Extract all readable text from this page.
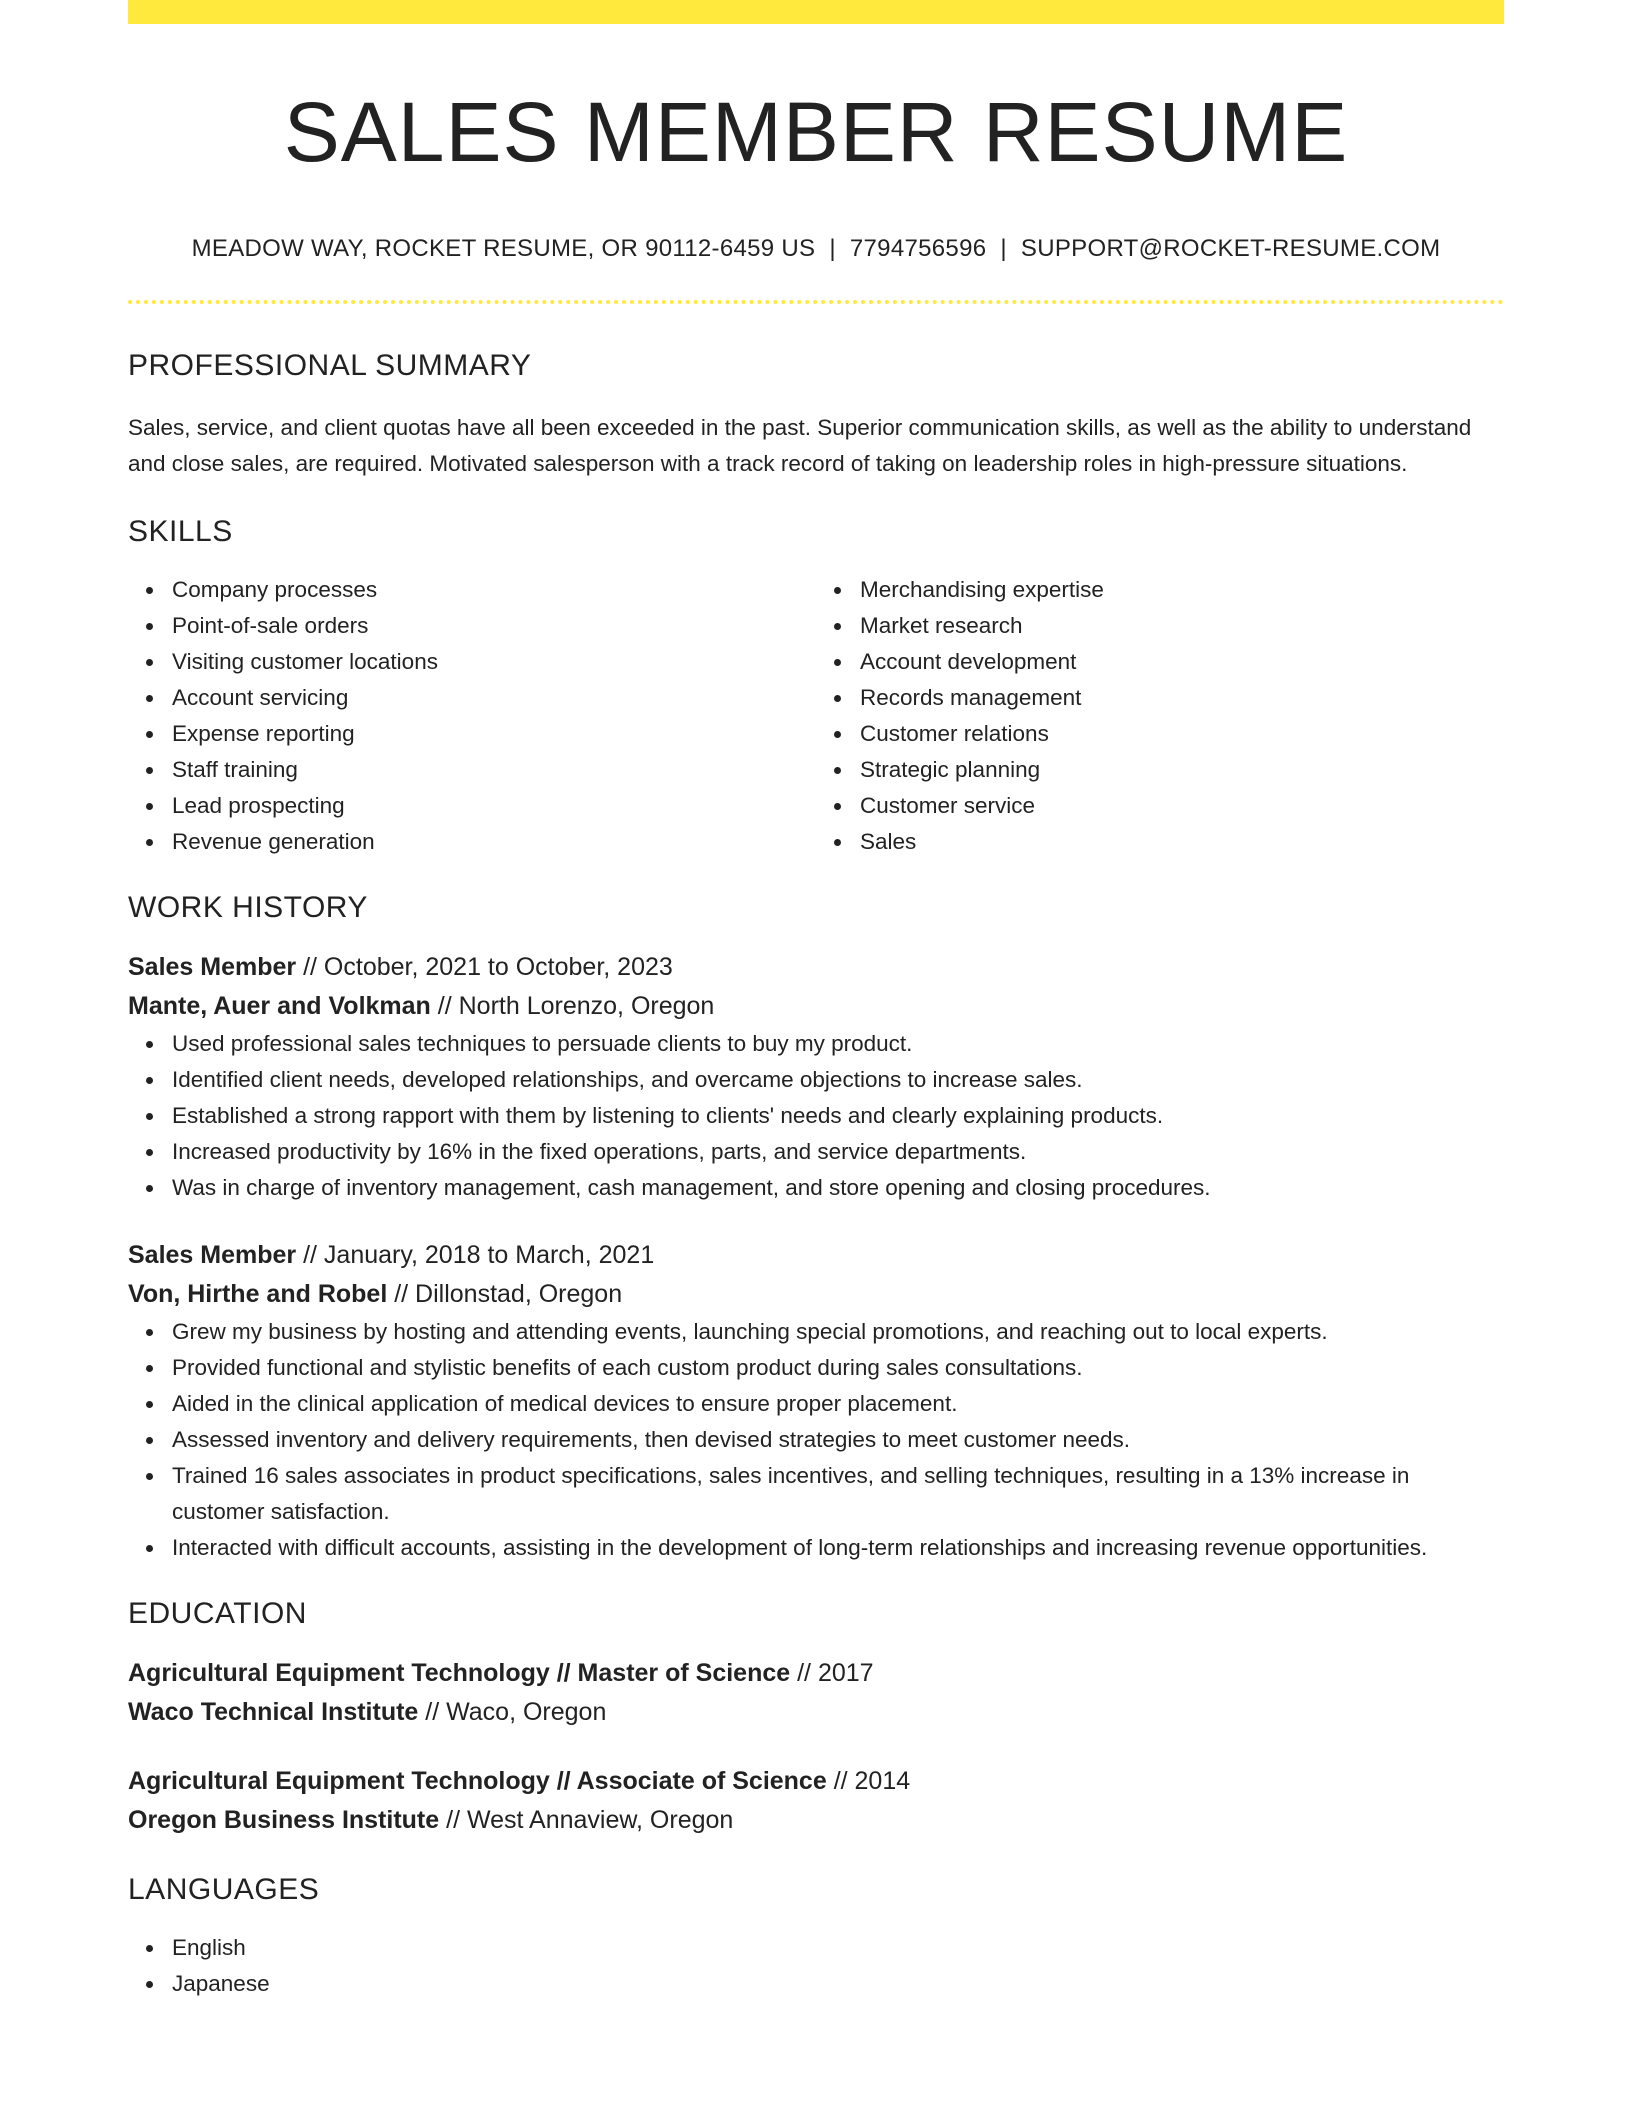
SALES MEMBER RESUME
MEADOW WAY, ROCKET RESUME, OR 90112-6459 US | 7794756596 | SUPPORT@ROCKET-RESUME.COM
PROFESSIONAL SUMMARY

Sales, service, and client quotas have all been exceeded in the past. Superior communication skills, as well as the ability to understand and close sales, are required. Motivated salesperson with a track record of taking on leadership roles in high-pressure situations.

SKILLS
Company processes
Point-of-sale orders
Visiting customer locations
Account servicing
Expense reporting
Staff training
Lead prospecting
Revenue generation
Merchandising expertise
Market research
Account development
Records management
Customer relations
Strategic planning
Customer service
Sales
WORK HISTORY
Sales Member // October, 2021 to October, 2023
Mante, Auer and Volkman // North Lorenzo, Oregon
Used professional sales techniques to persuade clients to buy my product.
Identified client needs, developed relationships, and overcame objections to increase sales.
Established a strong rapport with them by listening to clients' needs and clearly explaining products.
Increased productivity by 16% in the fixed operations, parts, and service departments.
Was in charge of inventory management, cash management, and store opening and closing procedures.
Sales Member // January, 2018 to March, 2021
Von, Hirthe and Robel // Dillonstad, Oregon
Grew my business by hosting and attending events, launching special promotions, and reaching out to local experts.
Provided functional and stylistic benefits of each custom product during sales consultations.
Aided in the clinical application of medical devices to ensure proper placement.
Assessed inventory and delivery requirements, then devised strategies to meet customer needs.
Trained 16 sales associates in product specifications, sales incentives, and selling techniques, resulting in a 13% increase in customer satisfaction.
Interacted with difficult accounts, assisting in the development of long-term relationships and increasing revenue opportunities.
EDUCATION
Agricultural Equipment Technology // Master of Science // 2017
Waco Technical Institute // Waco, Oregon
Agricultural Equipment Technology // Associate of Science // 2014
Oregon Business Institute // West Annaview, Oregon
LANGUAGES
English
Japanese
